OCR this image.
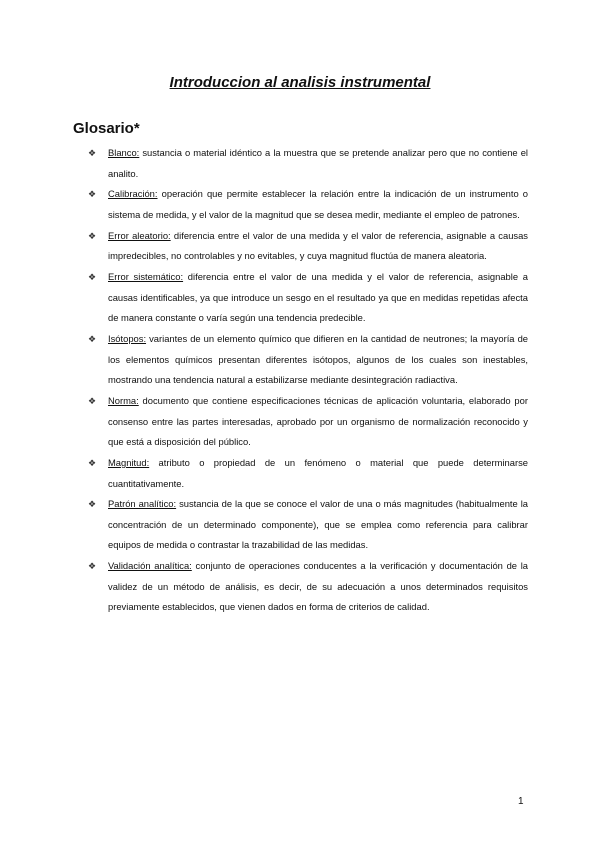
Introduccion al analisis instrumental
Glosario*
❖ Blanco: sustancia o material idéntico a la muestra que se pretende analizar pero que no contiene el analito.
❖ Calibración: operación que permite establecer la relación entre la indicación de un instrumento o sistema de medida, y el valor de la magnitud que se desea medir, mediante el empleo de patrones.
❖ Error aleatorio: diferencia entre el valor de una medida y el valor de referencia, asignable a causas impredecibles, no controlables y no evitables, y cuya magnitud fluctúa de manera aleatoria.
❖ Error sistemático: diferencia entre el valor de una medida y el valor de referencia, asignable a causas identificables, ya que introduce un sesgo en el resultado ya que en medidas repetidas afecta de manera constante o varía según una tendencia predecible.
❖ Isótopos: variantes de un elemento químico que difieren en la cantidad de neutrones; la mayoría de los elementos químicos presentan diferentes isótopos, algunos de los cuales son inestables, mostrando una tendencia natural a estabilizarse mediante desintegración radiactiva.
❖ Norma: documento que contiene especificaciones técnicas de aplicación voluntaria, elaborado por consenso entre las partes interesadas, aprobado por un organismo de normalización reconocido y que está a disposición del público.
❖ Magnitud: atributo o propiedad de un fenómeno o material que puede determinarse cuantitativamente.
❖ Patrón analítico: sustancia de la que se conoce el valor de una o más magnitudes (habitualmente la concentración de un determinado componente), que se emplea como referencia para calibrar equipos de medida o contrastar la trazabilidad de las medidas.
❖ Validación analítica: conjunto de operaciones conducentes a la verificación y documentación de la validez de un método de análisis, es decir, de su adecuación a unos determinados requisitos previamente establecidos, que vienen dados en forma de criterios de calidad.
1
